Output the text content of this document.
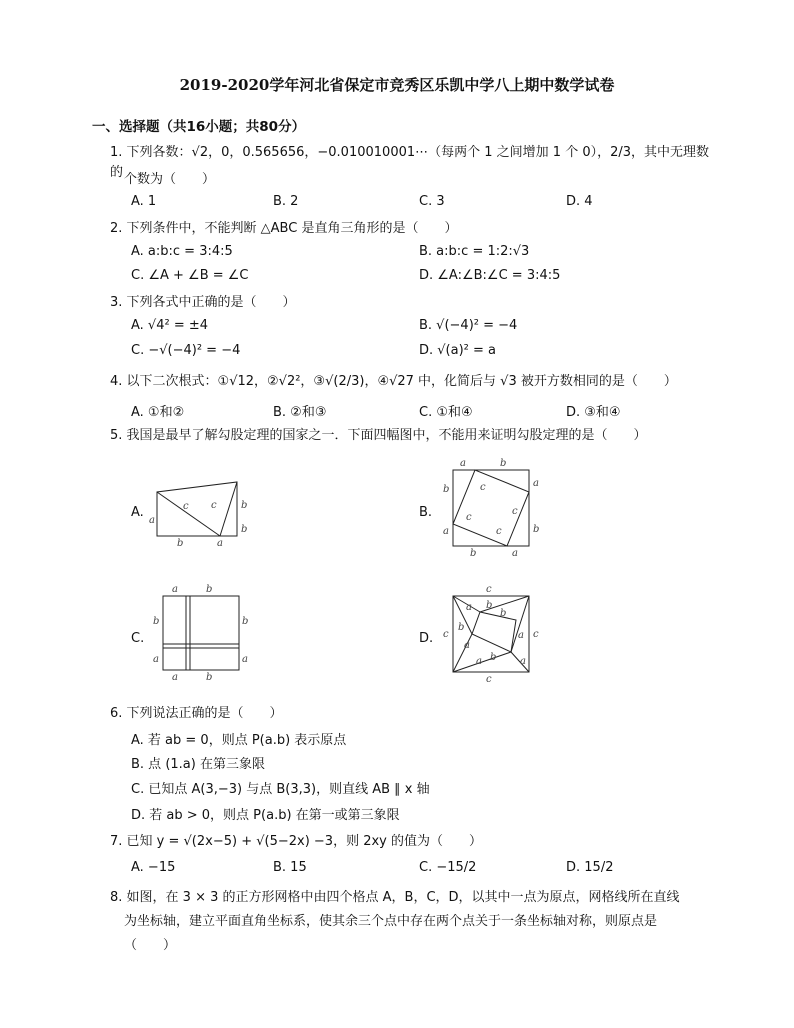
2019-2020学年河北省保定市竞秀区乐凯中学八上期中数学试卷
一、选择题（共16小题；共80分）
1. 下列各数：√2，0，0.565656，−0.010010001⋯（每两个 1 之间增加 1 个 0），2/3，其中无理数的 个数为（　　）
A. 1	B. 2	C. 3	D. 4
2. 下列条件中，不能判断 △ABC 是直角三角形的是（　　）
A. a:b:c = 3:4:5	B. a:b:c = 1:2:√3
C. ∠A + ∠B = ∠C	D. ∠A:∠B:∠C = 3:4:5
3. 下列各式中正确的是（　　）
A. √4² = ±4	B. √(−4)² = −4
C. −√(−4)² = −4	D. √(a)² = a
4. 以下二次根式：①√12，②√2²，③√(2/3)，④√27 中，化简后与 √3 被开方数相同的是（　　）
A. ①和②	B. ②和③	C. ①和④	D. ③和④
5. 我国是最早了解勾股定理的国家之一．下面四幅图中，不能用来证明勾股定理的是（　　）
A.
a
c c b
b	a
b
B.
a	b
b
a
c
c
c
c
a	b
b	a
C.
a	b
b	b
a	a
a	b
D.
c
a b
b
b
c
a
a c
b
a	a
c
6. 下列说法正确的是（　　）
A. 若 ab = 0，则点 P(a.b) 表示原点
B. 点 (1.a) 在第三象限
C. 已知点 A(3,−3) 与点 B(3,3)，则直线 AB ∥ x 轴
D. 若 ab > 0，则点 P(a.b) 在第一或第三象限
7. 已知 y = √(2x−5) + √(5−2x) −3，则 2xy 的值为（　　）
A. −15	B. 15	C. −15/2	D. 15/2
8. 如图，在 3 × 3 的正方形网格中由四个格点 A，B，C，D，以其中一点为原点，网格线所在直线
为坐标轴，建立平面直角坐标系，使其余三个点中存在两个点关于一条坐标轴对称，则原点是
（　　）
